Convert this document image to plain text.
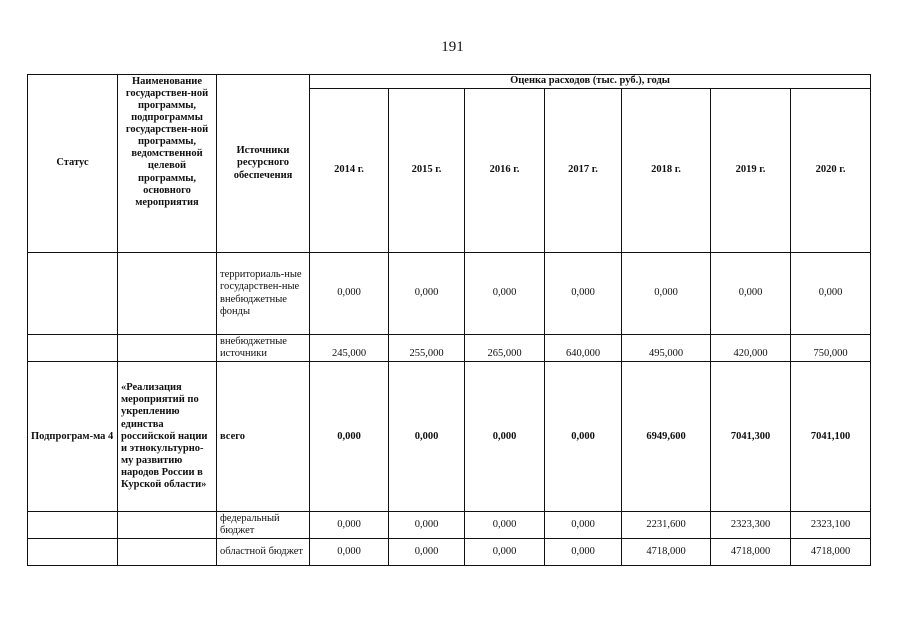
191
Статус	Наименование государствен-ной программы, подпрограммы государствен-ной программы, ведомственной целевой программы, основного мероприятия	Источники ресурсного обеспечения	Оценка расходов (тыс. руб.), годы						
			2014 г.	2015 г.	2016 г.	2017 г.	2018 г.	2019 г.	2020 г.
		территориаль-ные государствен-ные внебюджетные фонды	0,000	0,000	0,000	0,000	0,000	0,000	0,000
		внебюджетные источники	245,000	255,000	265,000	640,000	495,000	420,000	750,000
Подпрограм-ма 4	«Реализация мероприятий по укреплению единства российской нации и этнокультурно-му развитию народов России в Курской области»	всего	0,000	0,000	0,000	0,000	6949,600	7041,300	7041,100
		федеральный бюджет	0,000	0,000	0,000	0,000	2231,600	2323,300	2323,100
		областной бюджет	0,000	0,000	0,000	0,000	4718,000	4718,000	4718,000
